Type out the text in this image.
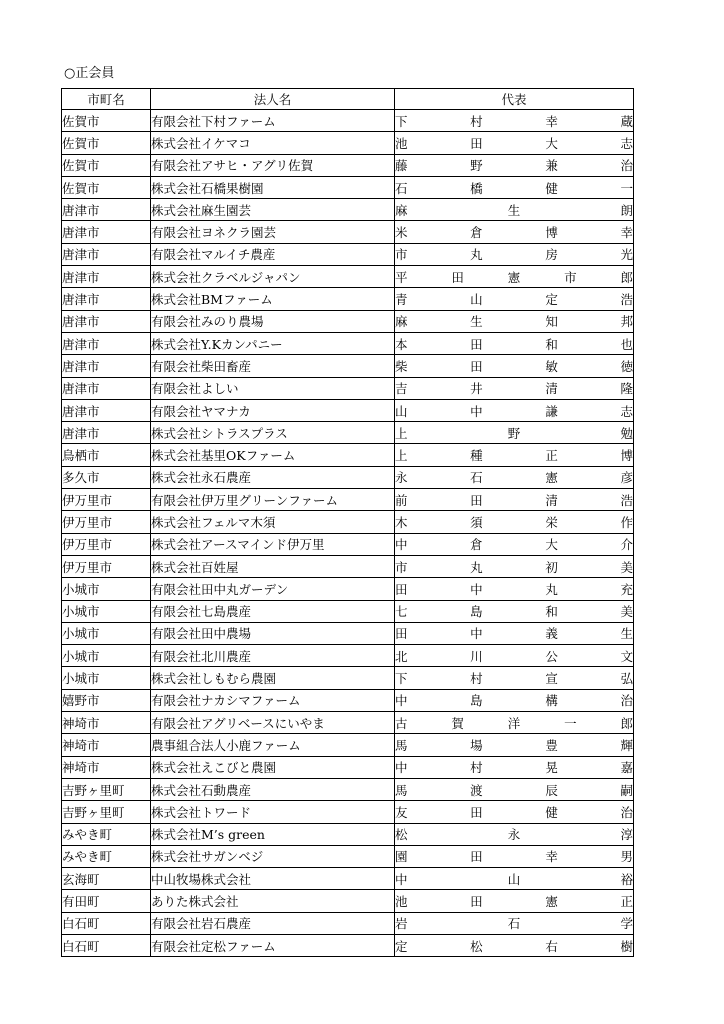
○正会員
市町名	法人名	代表
佐賀市	有限会社下村ファーム	下 村 幸 蔵

佐賀市	株式会社イケマコ	池 田 大 志

佐賀市	有限会社アサヒ・アグリ佐賀	藤 野 兼 治

佐賀市	株式会社石橋果樹園	石 橋 健 一

唐津市	株式会社麻生園芸	麻 生 朗

唐津市	有限会社ヨネクラ園芸	米 倉 博 幸

唐津市	有限会社マルイチ農産	市 丸 房 光

唐津市	株式会社クラベルジャパン	平 田 憲 市 郎

唐津市	株式会社BMファーム	青 山 定 浩

唐津市	有限会社みのり農場	麻 生 知 邦

唐津市	株式会社Y.Kカンパニー	本 田 和 也

唐津市	有限会社柴田畜産	柴 田 敏 徳

唐津市	有限会社よしい	吉 井 清 隆

唐津市	有限会社ヤマナカ	山 中 謙 志

唐津市	株式会社シトラスプラス	上 野 勉

鳥栖市	株式会社基里OKファーム	上 種 正 博

多久市	株式会社永石農産	永 石 憲 彦

伊万里市	有限会社伊万里グリーンファーム	前 田 清 浩

伊万里市	株式会社フェルマ木須	木 須 栄 作

伊万里市	株式会社アースマインド伊万里	中 倉 大 介

伊万里市	株式会社百姓屋	市 丸 初 美

小城市	有限会社田中丸ガーデン	田 中 丸 充

小城市	有限会社七島農産	七 島 和 美

小城市	有限会社田中農場	田 中 義 生

小城市	有限会社北川農産	北 川 公 文

小城市	株式会社しもむら農園	下 村 宣 弘

嬉野市	有限会社ナカシマファーム	中 島 構 治

神埼市	有限会社アグリベースにいやま	古 賀 洋 一 郎

神埼市	農事組合法人小鹿ファーム	馬 場 豊 輝

神埼市	株式会社えこびと農園	中 村 晃 嘉

吉野ヶ里町	株式会社石動農産	馬 渡 辰 嗣

吉野ヶ里町	株式会社トワード	友 田 健 治

みやき町	株式会社M’s green	松 永 淳

みやき町	株式会社サガンベジ	園 田 幸 男

玄海町	中山牧場株式会社	中 山 裕

有田町	ありた株式会社	池 田 憲 正

白石町	有限会社岩石農産	岩 石 学

白石町	有限会社定松ファーム	定 松 右 樹
